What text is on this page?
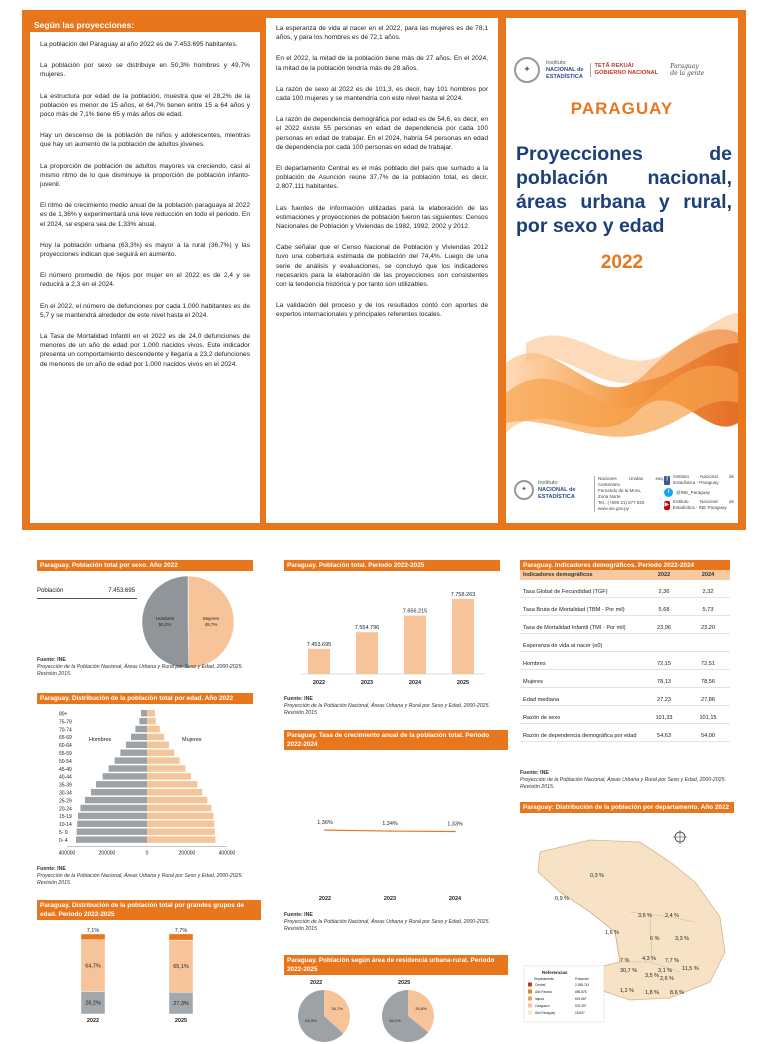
Según las proyecciones:

La población del Paraguay al año 2022 es de 7.453.695 habitantes.

La población por sexo se distribuye en 50,3% hombres y 49,7% mujeres.

La estructura por edad de la población, muestra que el 28,2% de la población es menor de 15 años, el 64,7% tienen entre 15 a 64 años y poco más de 7,1% tiene 65 y más años de edad.

Hay un descenso de la población de niños y adolescentes, mientras que hay un aumento de la población de adultos jóvenes.

La proporción de población de adultos mayores va creciendo, casi al mismo ritmo de lo que disminuye la proporción de población infanto-juvenil.

El ritmo de crecimiento medio anual de la población paraguaya al 2022 es de 1,36% y experimentará una leve reducción en todo el periodo. En el 2024, se espera sea de 1,33% anual.

Hoy la población urbana (63,3%) es mayor a la rural (36,7%) y las proyecciones indican que seguirá en aumento.

El número promedio de hijos por mujer en el 2022 es de 2,4 y se reducirá a 2,3 en el 2024.

En el 2022, el número de defunciones por cada 1.000 habitantes es de 5,7 y se mantendrá alrededor de este nivel hasta el 2024.

La Tasa de Mortalidad Infantil en el 2022 es de 24,0 defunciones de menores de un año de edad por 1.000 nacidos vivos. Este indicador presenta un comportamiento descendente y llegaría a 23,2 defunciones de menores de un año de edad por 1.000 nacidos vivos en el 2024.

La esperanza de vida al nacer en el 2022, para las mujeres es de 78,1 años, y para los hombres es de 72,1 años.

En el 2022, la mitad de la población tiene más de 27 años. En el 2024, la mitad de la población tendría más de 28 años.

La razón de sexo al 2022 es de 101,3, es decir, hay 101 hombres por cada 100 mujeres y se mantendría con este nivel hasta el 2024.

La razón de dependencia demográfica por edad es de 54,6, es decir, en el 2022 existe 55 personas en edad de dependencia por cada 100 personas en edad de trabajar. En el 2024, habría 54 personas en edad de dependencia por cada 100 personas en edad de trabajar.

El departamento Central es el más poblado del país que sumado a la población de Asunción reúne 37,7% de la población total, es decir, 2.807.111 habitantes.

Las fuentes de información utilizadas para la elaboración de las estimaciones y proyecciones de población fueron las siguientes: Censos Nacionales de Población y Viviendas de 1982, 1992, 2002 y 2012.

Cabe señalar que el Censo Nacional de Población y Viviendas 2012 tuvo una cobertura estimada de población del 74,4%. Luego de una serie de análisis y evaluaciones, se concluyó que los indicadores necesarios para la elaboración de las proyecciones son consistentes con la tendencia histórica y por tanto son utilizables.

La validación del proceso y de los resultados contó con aportes de expertos internacionales y principales referentes locales.

✦
Instituto
NACIONAL de
ESTADÍSTICA
TETÃ REKUÁI
GOBIERNO NACIONAL
Paraguay
de la gente
PARAGUAY
Proyecciones de población nacional, áreas urbana y rural, por sexo y edad
2022
✦
Instituto
NACIONAL de
ESTADÍSTICA
Naciones Unidas esq. Centenario
Fernando de la Mora,
Zona Norte
Tel.: (+595 21) 677 920
www.ine.gov.py
f	Instituto Nacional de Estadística - Paraguay
t	@INE_Paraguay
▶ Instituto Nacional de Estadística - INE Paraguay
Paraguay. Población total por sexo. Año 2022
Población	7.453.695
Mujeres
49,7%
Hombres
50,3%
Fuente: INE
Proyección de la Población Nacional, Áreas Urbana y Rural por Sexo y Edad, 2000-2025. Revisión 2015.
Paraguay. Población total. Periodo 2022-2025
7.453.695
2022
7.554.796
2023
7.656.215
2024
7.758.263
2025
Fuente: INE
Proyección de la Población Nacional, Áreas Urbana y Rural por Sexo y Edad, 2000-2025. Revisión 2015.
Paraguay. Indicadores demográficos. Periodo 2022-2024
Indicadores demográficos	2022	2024
Tasa Global de Fecundidad (TGF)	2,36	2,32
Tasa Bruta de Mortalidad (TBM - Por mil)	5,68	5,73
Tasa de Mortalidad Infantil (TMI - Por mil)	23,96	23,20
Esperanza de vida al nacer (e0)		
Hombres	72,15	72,51
Mujeres	78,13	78,56
Edad mediana	27,23	27,86
Razón de sexo	101,33	101,15
Razón de dependencia demográfica por edad	54,63	54,00
Fuente: INE
Proyección de la Población Nacional, Áreas Urbana y Rural por Sexo y Edad, 2000-2025. Revisión 2015.
Paraguay. Distribución de la población total por edad. Año 2022
0- 4
5- 9
10-14
15-19
20-24
25-29
30-34
35-39
40-44
45-49
50-54
55-59
60-64
65-69
70-74
75-79
80+
400000	200000	0	200000	400000
Hombres	Mujeres
Fuente: INE
Proyección de la Población Nacional, Áreas Urbana y Rural por Sexo y Edad, 2000-2025. Revisión 2015.
Paraguay. Tasa de crecimiento anual de la población total. Periodo 2022-2024
1,36%
2022
1,34%
2023
1,33%
2024
Fuente: INE
Proyección de la Población Nacional, Áreas Urbana y Rural por Sexo y Edad, 2000-2025. Revisión 2015.
Paraguay. Distribución de la población total por grandes grupos de edad. Periodo 2022-2025
28,2%
64,7%
7,1%
2022
27,3%
65,1%
7,7%
2025
Paraguay. Población según área de residencia urbana-rural. Periodo 2022-2025
2022	2025
36,7%
63,3%
35,8%
64,2%
Paraguay: Distribución de la población por departamento. Año 2022
0,3 %
0,9 %
1,6 %
3,6 % 2,4 %
6 %	3,3 %
7 % 4,3 % 7,7 %
30,7 %	11,5 %
3,1 %
3,5 % 2,6 %
1,2 % 1,8 % 8,6 %
Referencias
Departamento	Población
Central	2.288.743
Alto Paraná	856.878
Itapúa	619.687
Caaguazú	576.397
Alto Paraguay	18.837
